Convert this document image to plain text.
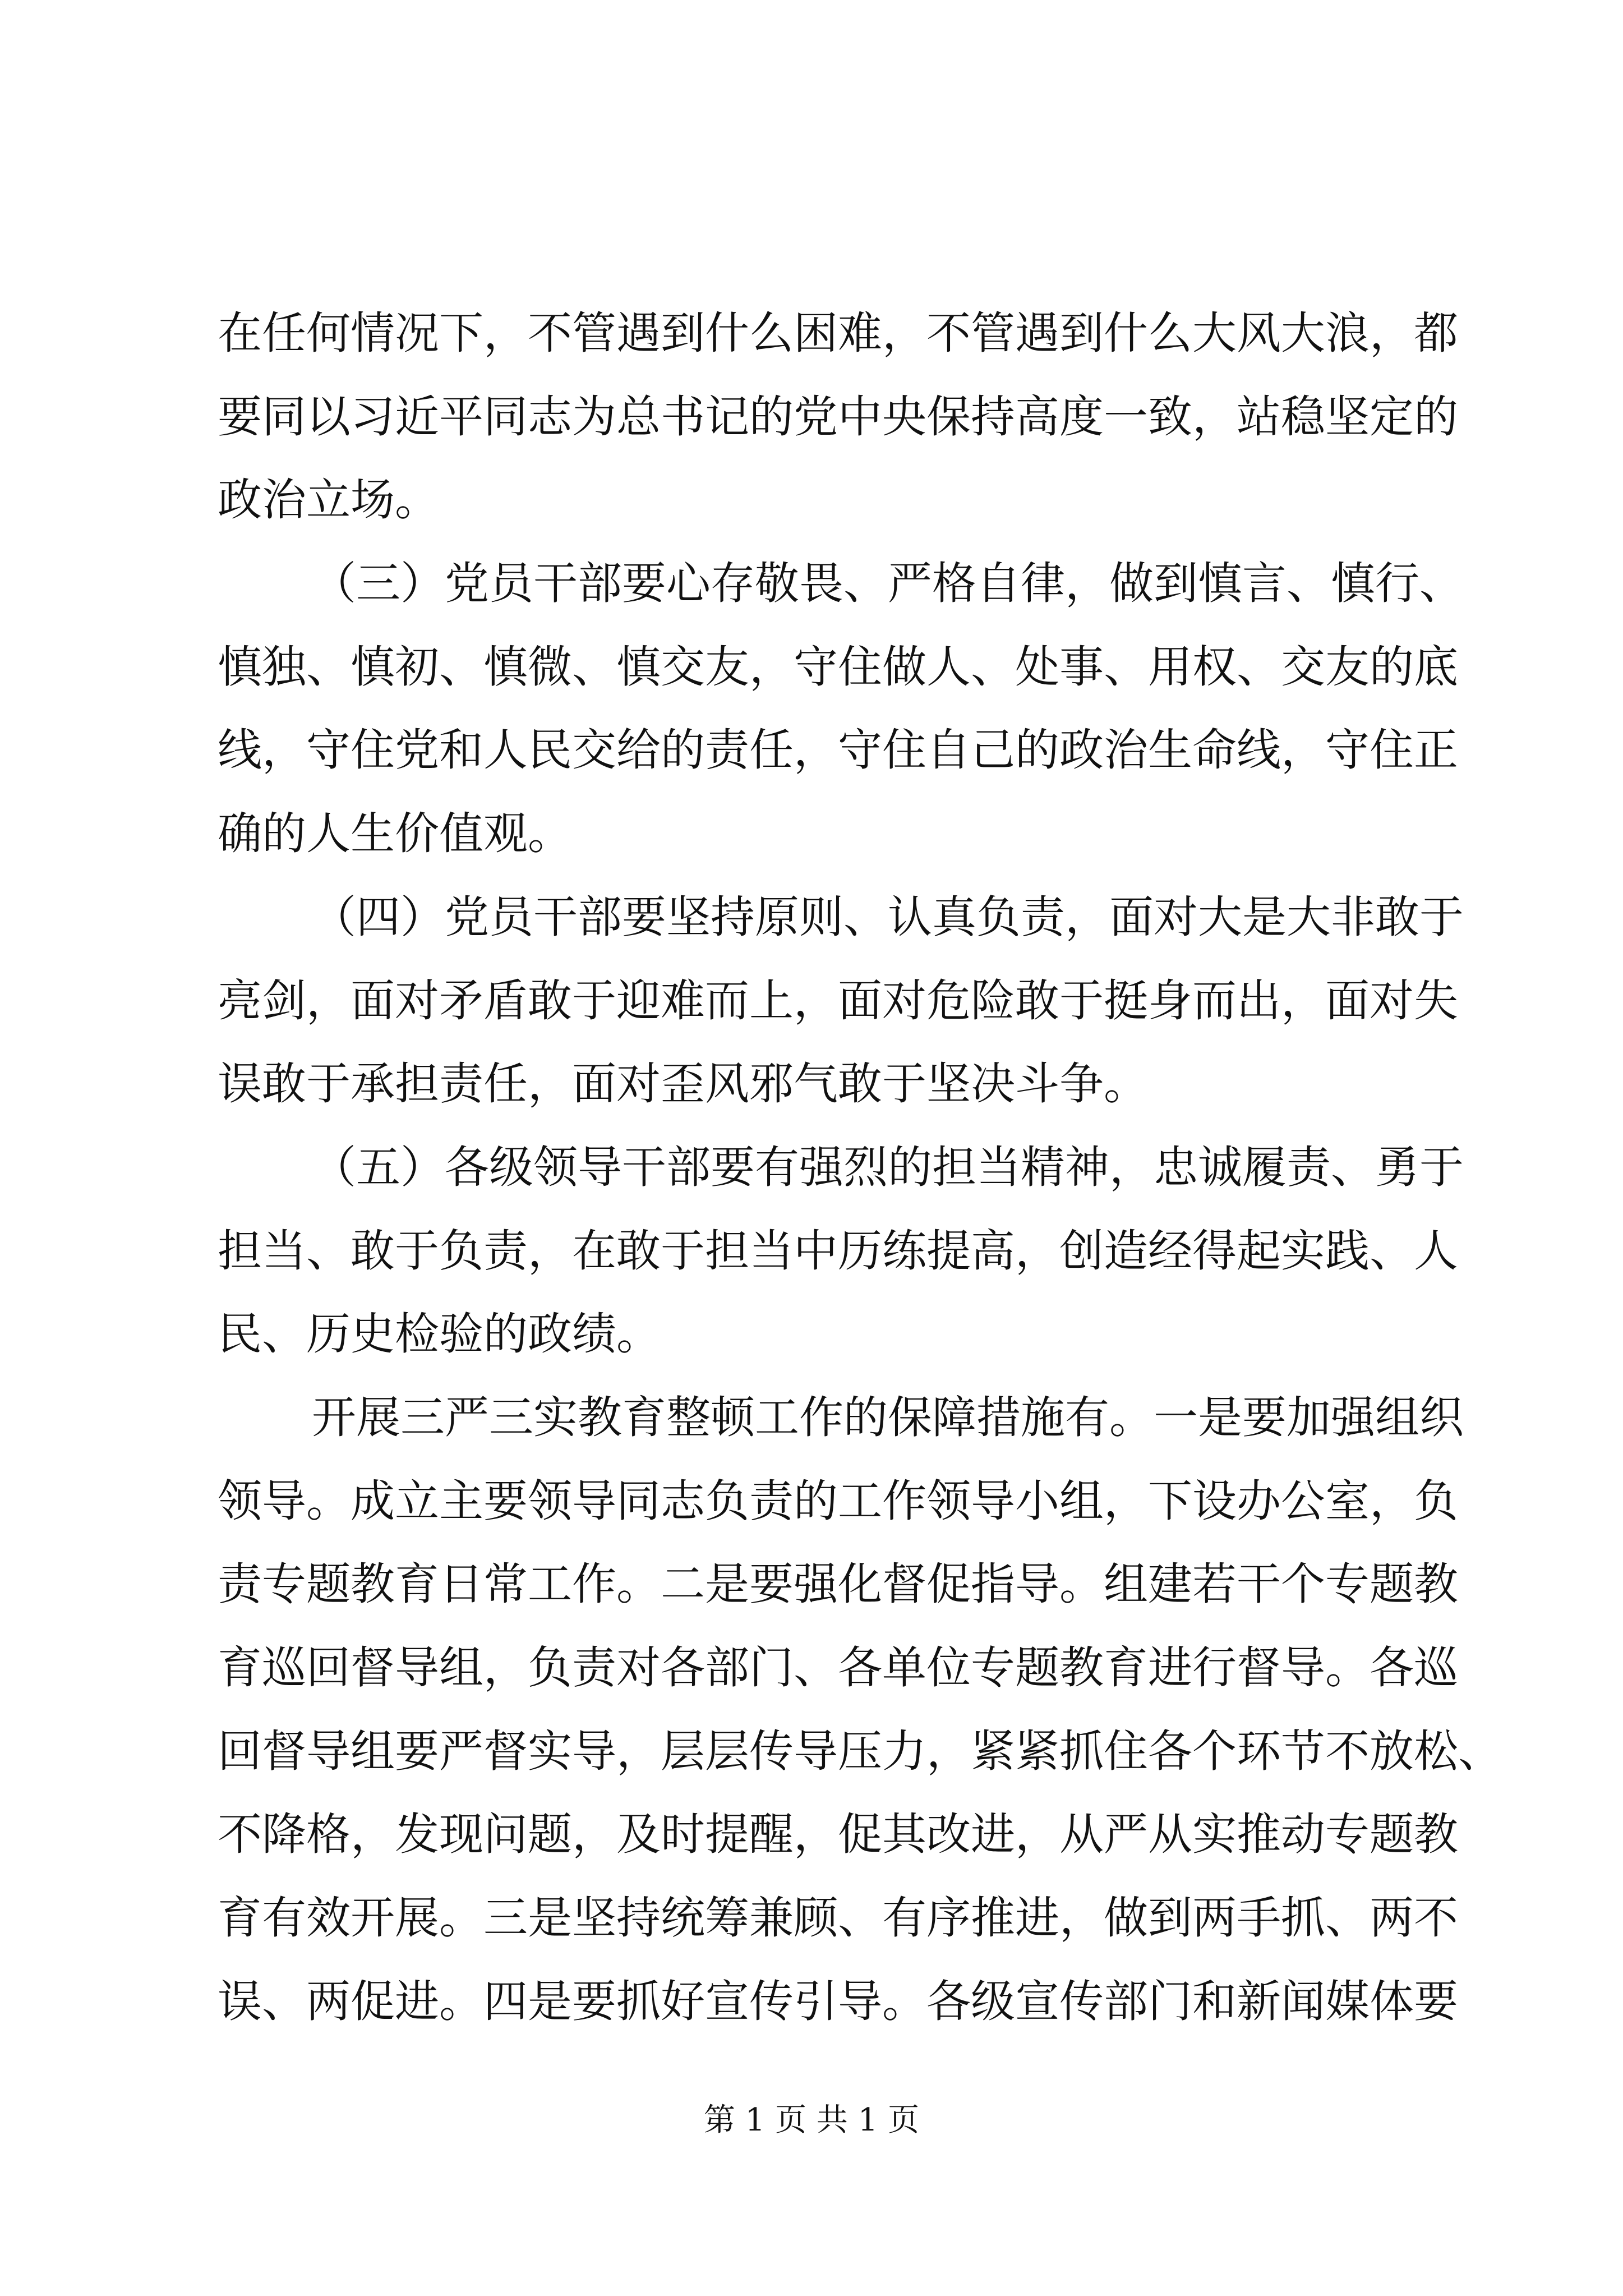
在任何情况下，不管遇到什么困难，不管遇到什么大风大浪，都
要同以习近平同志为总书记的党中央保持高度一致，站稳坚定的
政治立场。
（三）党员干部要心存敬畏、严格自律，做到慎言、慎行、
慎独、慎初、慎微、慎交友，守住做人、处事、用权、交友的底
线，守住党和人民交给的责任，守住自己的政治生命线，守住正
确的人生价值观。
（四）党员干部要坚持原则、认真负责，面对大是大非敢于
亮剑，面对矛盾敢于迎难而上，面对危险敢于挺身而出，面对失
误敢于承担责任，面对歪风邪气敢于坚决斗争。
（五）各级领导干部要有强烈的担当精神，忠诚履责、勇于
担当、敢于负责，在敢于担当中历练提高，创造经得起实践、人
民、历史检验的政绩。
开展三严三实教育整顿工作的保障措施有。一是要加强组织
领导。成立主要领导同志负责的工作领导小组，下设办公室，负
责专题教育日常工作。二是要强化督促指导。组建若干个专题教
育巡回督导组，负责对各部门、各单位专题教育进行督导。各巡
回督导组要严督实导，层层传导压力，紧紧抓住各个环节不放松、
不降格，发现问题，及时提醒，促其改进，从严从实推动专题教
育有效开展。三是坚持统筹兼顾、有序推进，做到两手抓、两不
误、两促进。四是要抓好宣传引导。各级宣传部门和新闻媒体要
第 1 页 共 1 页
